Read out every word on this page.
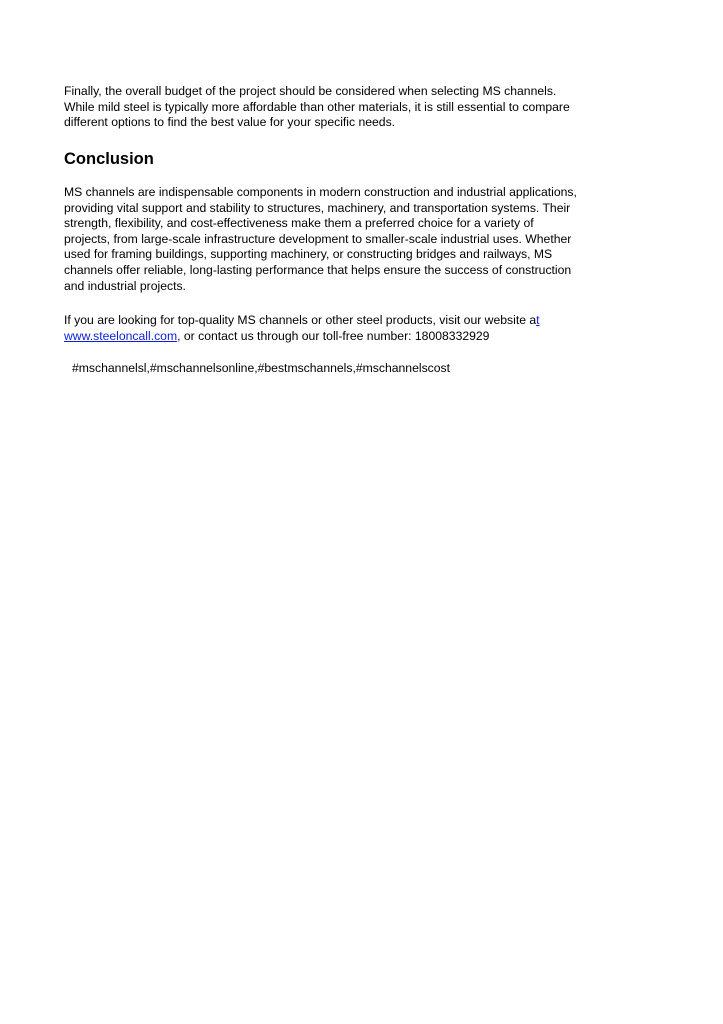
Finally, the overall budget of the project should be considered when selecting MS channels.
While mild steel is typically more affordable than other materials, it is still essential to compare
different options to find the best value for your specific needs.
Conclusion
MS channels are indispensable components in modern construction and industrial applications,
providing vital support and stability to structures, machinery, and transportation systems. Their
strength, flexibility, and cost-effectiveness make them a preferred choice for a variety of
projects, from large-scale infrastructure development to smaller-scale industrial uses. Whether
used for framing buildings, supporting machinery, or constructing bridges and railways, MS
channels offer reliable, long-lasting performance that helps ensure the success of construction
and industrial projects.
If you are looking for top-quality MS channels or other steel products, visit our website at
www.steeloncall.com, or contact us through our toll-free number: 18008332929
#mschannelsl,#mschannelsonline,#bestmschannels,#mschannelscost
